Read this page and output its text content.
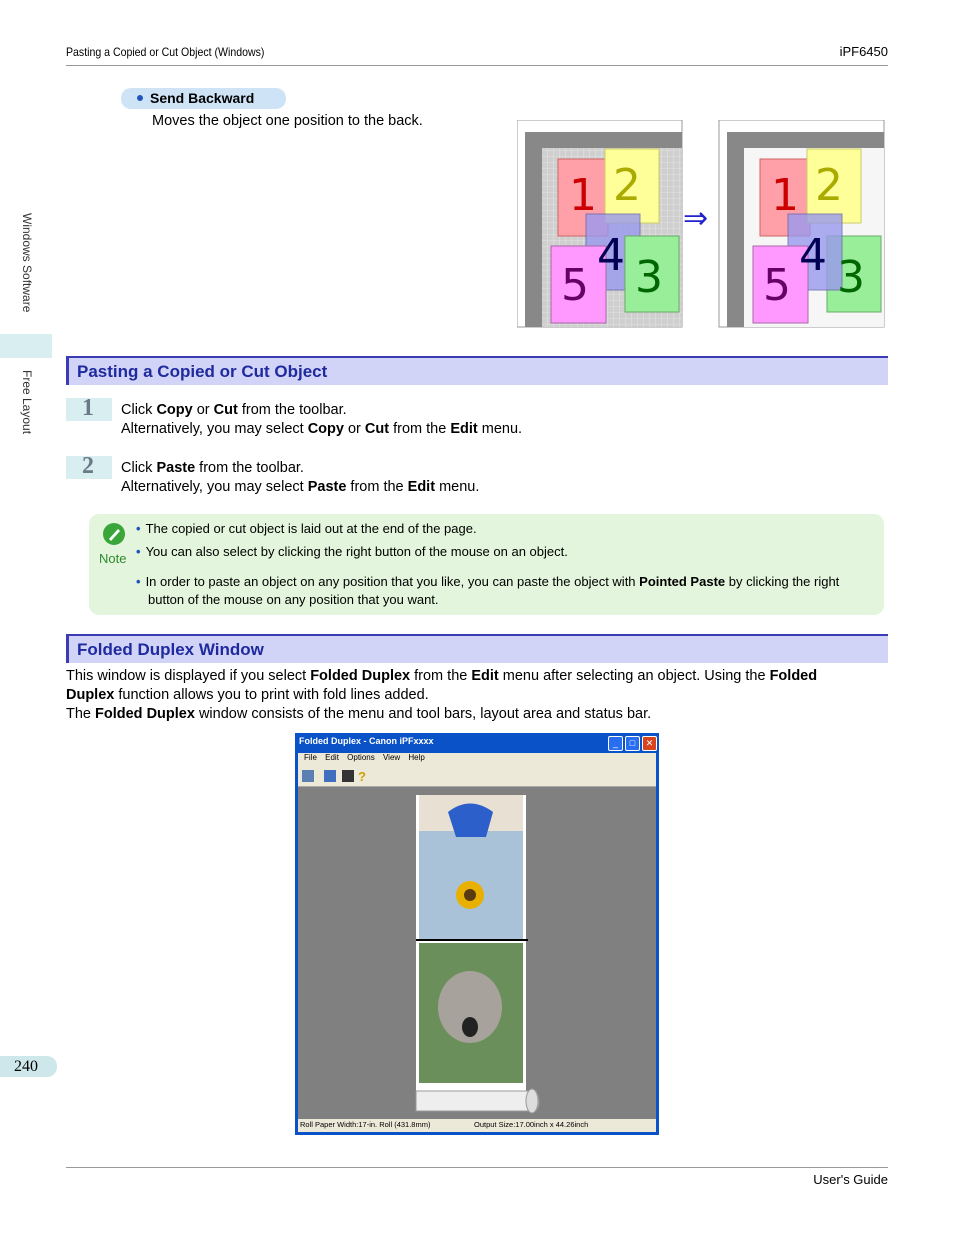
Pasting a Copied or Cut Object (Windows)	iPF6450
Windows Software
Free Layout
240
Send Backward
Moves the object one position to the back.
1 2
4 3
5
⇒ 1 2
4 3
5
Pasting a Copied or Cut Object
1 Click Copy or Cut from the toolbar.
Alternatively, you may select Copy or Cut from the Edit menu.
2 Click Paste from the toolbar.
Alternatively, you may select Paste from the Edit menu.
Note
• The copied or cut object is laid out at the end of the page.
• You can also select by clicking the right button of the mouse on an object.
• In order to paste an object on any position that you like, you can paste the object with Pointed Paste by clicking the right
button of the mouse on any position that you want.
Folded Duplex Window
This window is displayed if you select Folded Duplex from the Edit menu after selecting an object. Using the Folded
Duplex function allows you to print with fold lines added.
The Folded Duplex window consists of the menu and tool bars, layout area and status bar.
Folded Duplex - Canon iPFxxxx	_	□	✕
File Edit Options View Help
?
Roll Paper Width:17-in. Roll (431.8mm)	Output Size:17.00inch x 44.26inch
User's Guide
